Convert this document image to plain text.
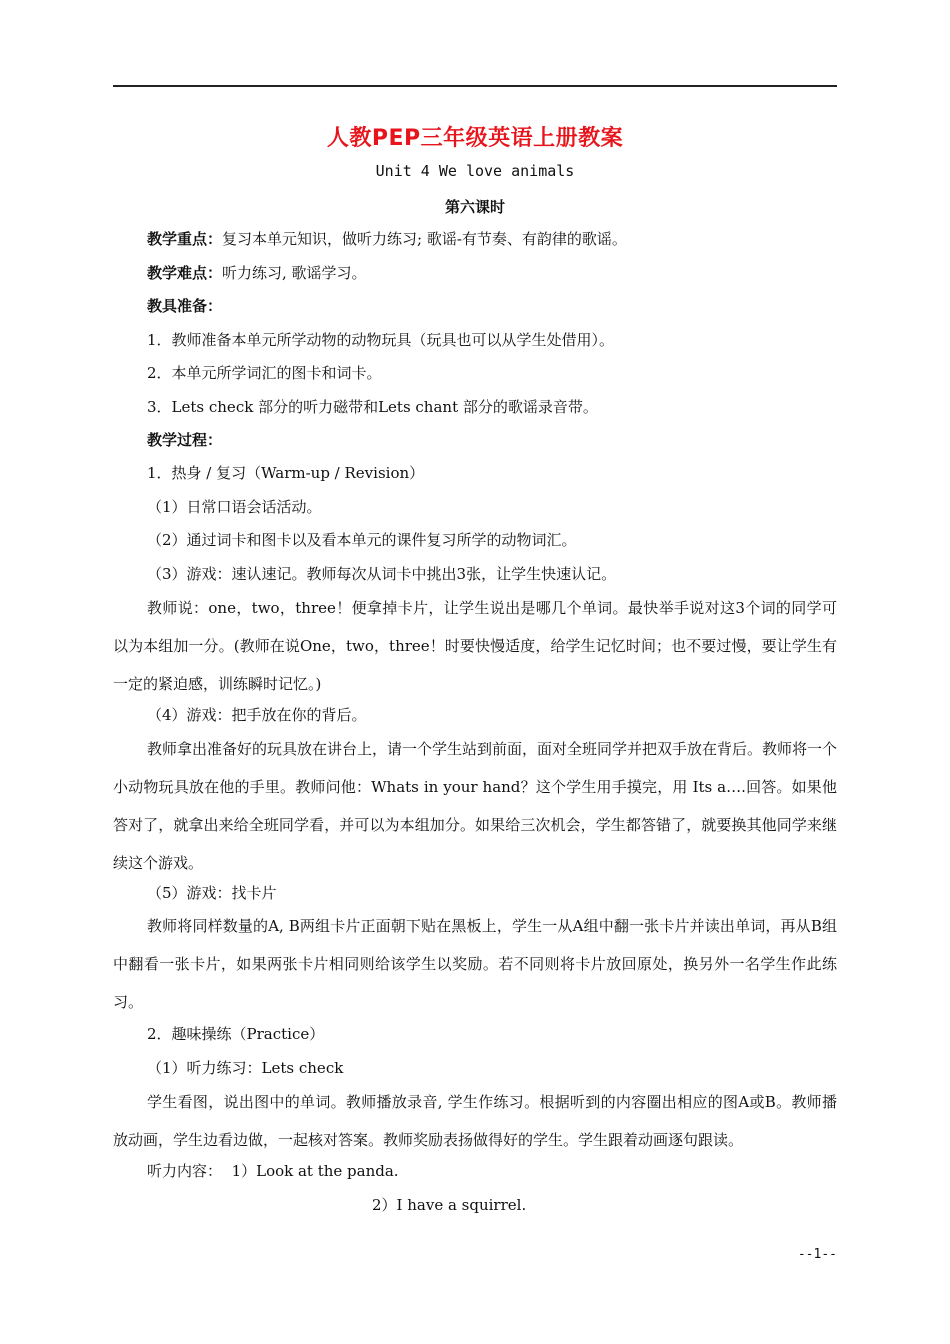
人教PEP三年级英语上册教案
Unit 4 We love animals
第六课时
教学重点：复习本单元知识，做听力练习; 歌谣-有节奏、有韵律的歌谣。
教学难点：听力练习, 歌谣学习。
教具准备：
1．教师准备本单元所学动物的动物玩具（玩具也可以从学生处借用）。
2．本单元所学词汇的图卡和词卡。
3．Lets check 部分的听力磁带和Lets chant 部分的歌谣录音带。
教学过程：
1．热身 / 复习（Warm-up / Revision）
（1）日常口语会话活动。
（2）通过词卡和图卡以及看本单元的课件复习所学的动物词汇。
（3）游戏：速认速记。教师每次从词卡中挑出3张，让学生快速认记。
教师说：one，two，three！便拿掉卡片，让学生说出是哪几个单词。最快举手说对这3个词的同学可以为本组加一分。(教师在说One，two，three！时要快慢适度，给学生记忆时间；也不要过慢，要让学生有一定的紧迫感，训练瞬时记忆。)
（4）游戏：把手放在你的背后。
教师拿出准备好的玩具放在讲台上，请一个学生站到前面，面对全班同学并把双手放在背后。教师将一个小动物玩具放在他的手里。教师问他：Whats in your hand？这个学生用手摸完，用 Its a….回答。如果他答对了，就拿出来给全班同学看，并可以为本组加分。如果给三次机会，学生都答错了，就要换其他同学来继续这个游戏。
（5）游戏：找卡片
教师将同样数量的A, B两组卡片正面朝下贴在黑板上，学生一从A组中翻一张卡片并读出单词，再从B组中翻看一张卡片，如果两张卡片相同则给该学生以奖励。若不同则将卡片放回原处，换另外一名学生作此练习。
2．趣味操练（Practice）
（1）听力练习：Lets check
学生看图，说出图中的单词。教师播放录音, 学生作练习。根据听到的内容圈出相应的图A或B。教师播放动画，学生边看边做，一起核对答案。教师奖励表扬做得好的学生。学生跟着动画逐句跟读。
听力内容： 1）Look at the panda.
2）I have a squirrel.
--1--
